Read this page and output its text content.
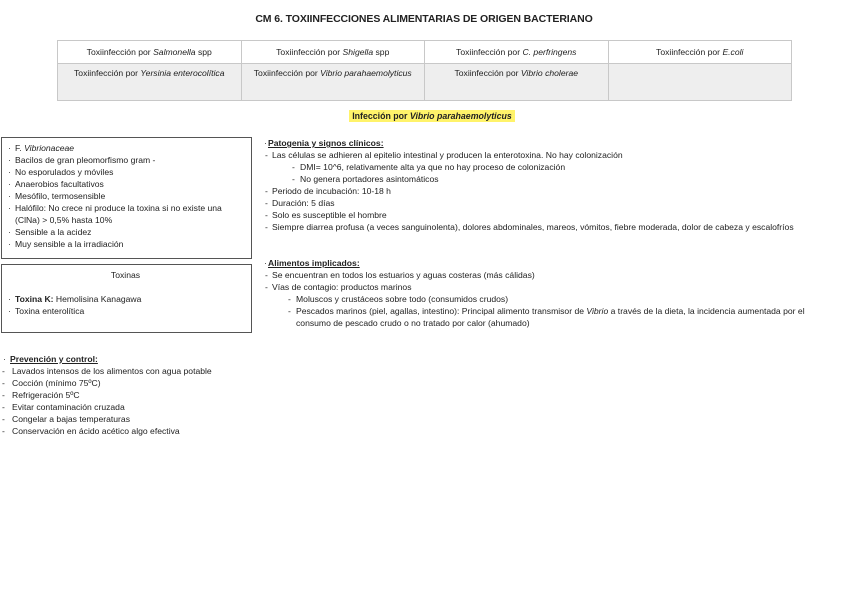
CM 6. TOXIINFECCIONES ALIMENTARIAS DE ORIGEN BACTERIANO
Toxiinfección por Salmonella spp	Toxiinfección por Shigella spp	Toxiinfección por C. perfringens	Toxiinfección por E.coli
Toxiinfección por Yersinia enterocolítica	Toxiinfección por Vibrio parahaemolyticus	Toxiinfección por Vibrio cholerae	
Infección por Vibrio parahaemolyticus
· F. Vibrionaceae
· Bacilos de gran pleomorfismo gram -
· No esporulados y móviles
· Anaerobios facultativos
· Mesófilo, termosensible
· Halófilo: No crece ni produce la toxina si no existe una (ClNa) > 0,5% hasta 10%
· Sensible a la acidez
· Muy sensible a la irradiación
Toxinas
· Toxina K: Hemolisina Kanagawa
· Toxina enterolítica
· Patogenia y signos clínicos:
- Las células se adhieren al epitelio intestinal y producen la enterotoxina. No hay colonización
- DMI= 10^6, relativamente alta ya que no hay proceso de colonización
- No genera portadores asintomáticos
- Periodo de incubación: 10-18 h
- Duración: 5 días
- Solo es susceptible el hombre
- Siempre diarrea profusa (a veces sanguinolenta), dolores abdominales, mareos, vómitos, fiebre moderada, dolor de cabeza y escalofríos
· Alimentos implicados:
- Se encuentran en todos los estuarios y aguas costeras (más cálidas)
- Vías de contagio: productos marinos
- Moluscos y crustáceos sobre todo (consumidos crudos)
- Pescados marinos (piel, agallas, intestino): Principal alimento transmisor de Vibrio a través de la dieta, la incidencia aumentada por el consumo de pescado crudo o no tratado por calor (ahumado)
· Prevención y control:
- Lavados intensos de los alimentos con agua potable
- Cocción (mínimo 75ºC)
- Refrigeración 5ºC
- Evitar contaminación cruzada
- Congelar a bajas temperaturas
- Conservación en ácido acético algo efectiva
